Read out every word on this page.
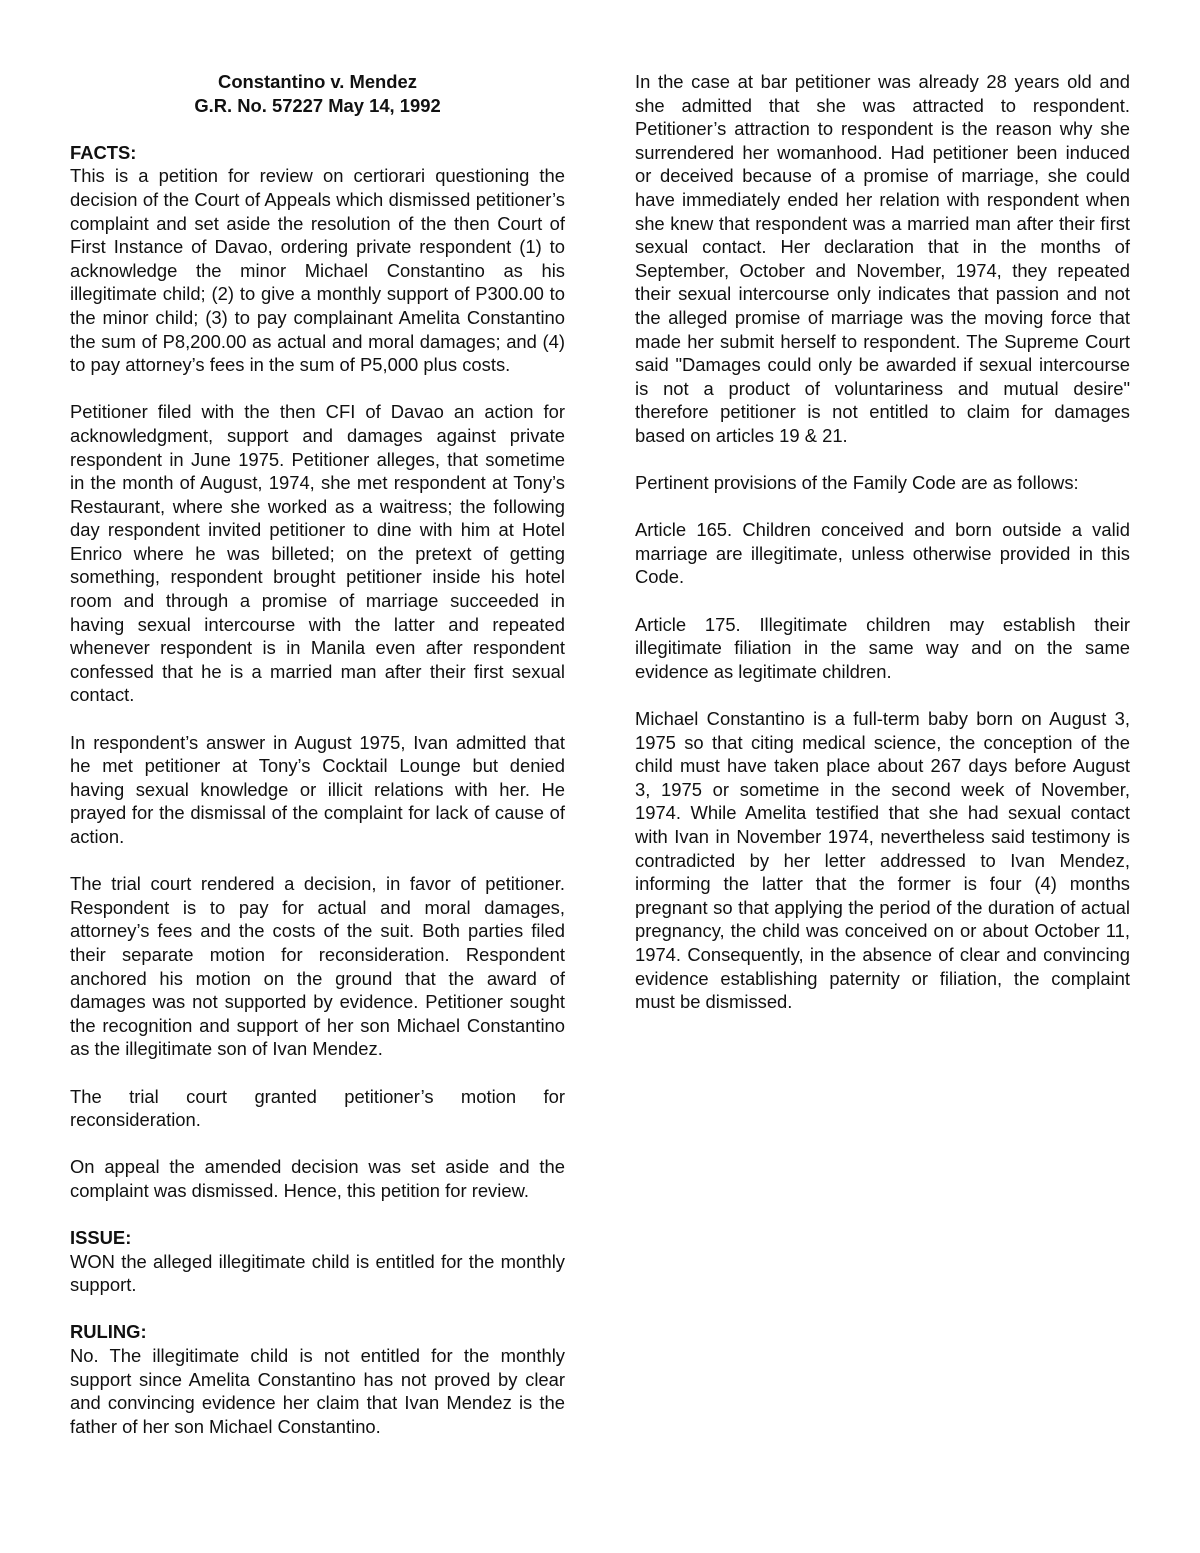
Constantino v. Mendez
G.R. No. 57227 May 14, 1992
FACTS:

This is a petition for review on certiorari questioning the decision of the Court of Appeals which dismissed petitioner’s complaint and set aside the resolution of the then Court of First Instance of Davao, ordering private respondent (1) to acknowledge the minor Michael Constantino as his illegitimate child; (2) to give a monthly support of P300.00 to the minor child; (3) to pay complainant Amelita Constantino the sum of P8,200.00 as actual and moral damages; and (4) to pay attorney’s fees in the sum of P5,000 plus costs.

Petitioner filed with the then CFI of Davao an action for acknowledgment, support and damages against private respondent in June 1975. Petitioner alleges, that sometime in the month of August, 1974, she met respondent at Tony’s Restaurant, where she worked as a waitress; the following day respondent invited petitioner to dine with him at Hotel Enrico where he was billeted; on the pretext of getting something, respondent brought petitioner inside his hotel room and through a promise of marriage succeeded in having sexual intercourse with the latter and repeated whenever respondent is in Manila even after respondent confessed that he is a married man after their first sexual contact.

In respondent’s answer in August 1975, Ivan admitted that he met petitioner at Tony’s Cocktail Lounge but denied having sexual knowledge or illicit relations with her. He prayed for the dismissal of the complaint for lack of cause of action.

The trial court rendered a decision, in favor of petitioner. Respondent is to pay for actual and moral damages, attorney’s fees and the costs of the suit. Both parties filed their separate motion for reconsideration. Respondent anchored his motion on the ground that the award of damages was not supported by evidence. Petitioner sought the recognition and support of her son Michael Constantino as the illegitimate son of Ivan Mendez.

The trial court granted petitioner’s motion for reconsideration.

On appeal the amended decision was set aside and the complaint was dismissed. Hence, this petition for review.

ISSUE:

WON the alleged illegitimate child is entitled for the monthly support.

RULING:

No. The illegitimate child is not entitled for the monthly support since Amelita Constantino has not proved by clear and convincing evidence her claim that Ivan Mendez is the father of her son Michael Constantino.

In the case at bar petitioner was already 28 years old and she admitted that she was attracted to respondent. Petitioner’s attraction to respondent is the reason why she surrendered her womanhood. Had petitioner been induced or deceived because of a promise of marriage, she could have immediately ended her relation with respondent when she knew that respondent was a married man after their first sexual contact. Her declaration that in the months of September, October and November, 1974, they repeated their sexual intercourse only indicates that passion and not the alleged promise of marriage was the moving force that made her submit herself to respondent. The Supreme Court said "Damages could only be awarded if sexual intercourse is not a product of voluntariness and mutual desire" therefore petitioner is not entitled to claim for damages based on articles 19 & 21.

Pertinent provisions of the Family Code are as follows:

Article 165. Children conceived and born outside a valid marriage are illegitimate, unless otherwise provided in this Code.

Article 175. Illegitimate children may establish their illegitimate filiation in the same way and on the same evidence as legitimate children.

Michael Constantino is a full-term baby born on August 3, 1975 so that citing medical science, the conception of the child must have taken place about 267 days before August 3, 1975 or sometime in the second week of November, 1974. While Amelita testified that she had sexual contact with Ivan in November 1974, nevertheless said testimony is contradicted by her letter addressed to Ivan Mendez, informing the latter that the former is four (4) months pregnant so that applying the period of the duration of actual pregnancy, the child was conceived on or about October 11, 1974. Consequently, in the absence of clear and convincing evidence establishing paternity or filiation, the complaint must be dismissed.
